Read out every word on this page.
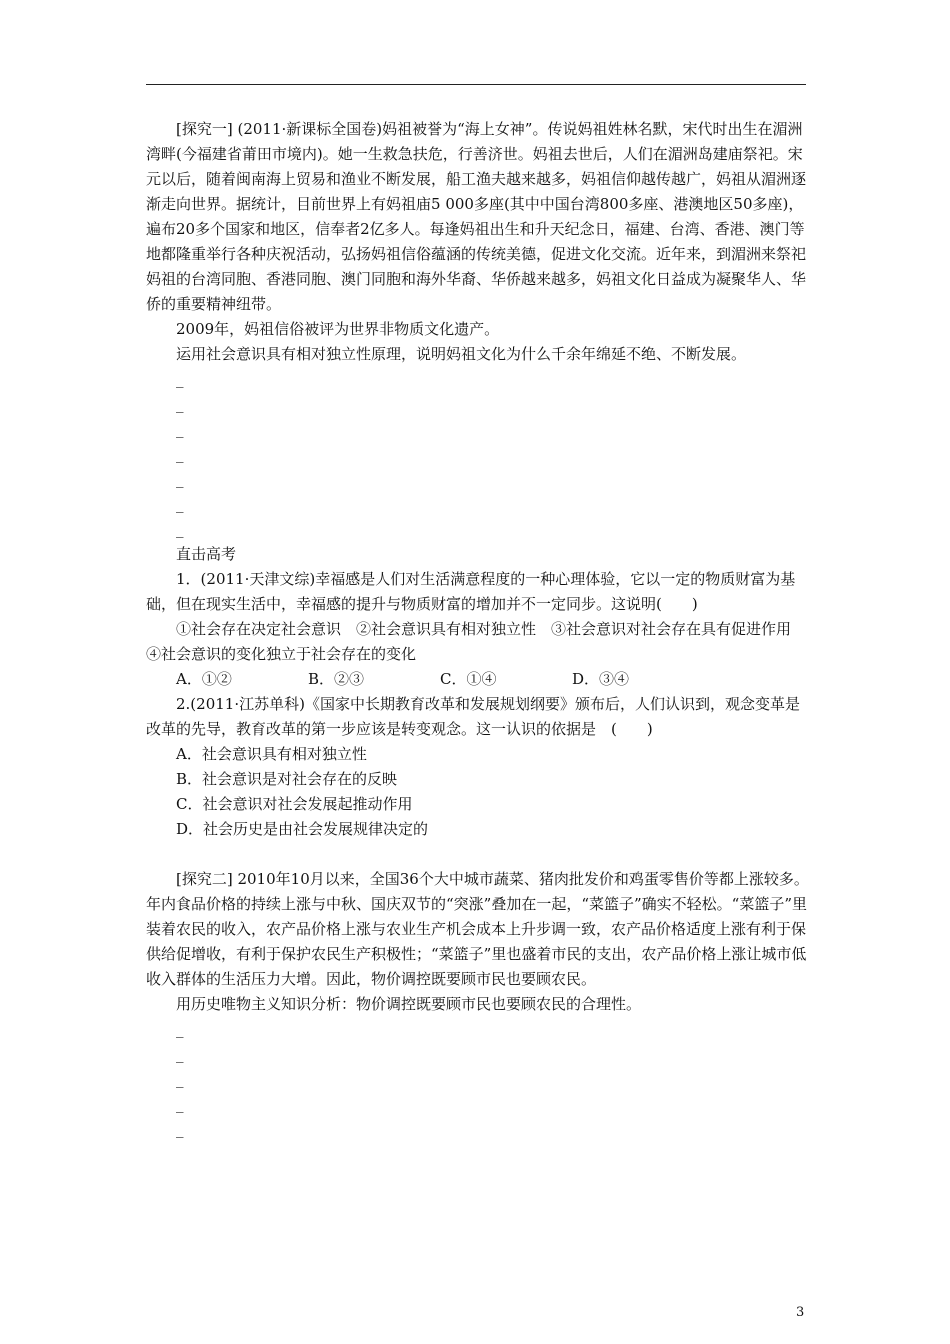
[探究一] (2011·新课标全国卷)妈祖被誉为“海上女神”。传说妈祖姓林名默，宋代时出生在湄洲湾畔(今福建省莆田市境内)。她一生救急扶危，行善济世。妈祖去世后，人们在湄洲岛建庙祭祀。宋元以后，随着闽南海上贸易和渔业不断发展，船工渔夫越来越多，妈祖信仰越传越广，妈祖从湄洲逐渐走向世界。据统计，目前世界上有妈祖庙5 000多座(其中中国台湾800多座、港澳地区50多座)，遍布20多个国家和地区，信奉者2亿多人。每逢妈祖出生和升天纪念日，福建、台湾、香港、澳门等地都隆重举行各种庆祝活动，弘扬妈祖信俗蕴涵的传统美德，促进文化交流。近年来，到湄洲来祭祀妈祖的台湾同胞、香港同胞、澳门同胞和海外华裔、华侨越来越多，妈祖文化日益成为凝聚华人、华侨的重要精神纽带。

2009年，妈祖信俗被评为世界非物质文化遗产。

运用社会意识具有相对独立性原理，说明妈祖文化为什么千余年绵延不绝、不断发展。

_
_
_
_
_
_
_

直击高考

1．(2011·天津文综)幸福感是人们对生活满意程度的一种心理体验，它以一定的物质财富为基础，但在现实生活中，幸福感的提升与物质财富的增加并不一定同步。这说明(　　)

①社会存在决定社会意识　②社会意识具有相对独立性　③社会意识对社会存在具有促进作用　④社会意识的变化独立于社会存在的变化

A．①②	B．②③	C．①④	D．③④

2.(2011·江苏单科)《国家中长期教育改革和发展规划纲要》颁布后，人们认识到，观念变革是改革的先导，教育改革的第一步应该是转变观念。这一认识的依据是　(　　)

A．社会意识具有相对独立性

B．社会意识是对社会存在的反映

C．社会意识对社会发展起推动作用

D．社会历史是由社会发展规律决定的

[探究二] 2010年10月以来，全国36个大中城市蔬菜、猪肉批发价和鸡蛋零售价等都上涨较多。年内食品价格的持续上涨与中秋、国庆双节的“突涨”叠加在一起，“菜篮子”确实不轻松。“菜篮子”里装着农民的收入，农产品价格上涨与农业生产机会成本上升步调一致，农产品价格适度上涨有利于保供给促增收，有利于保护农民生产积极性；“菜篮子”里也盛着市民的支出，农产品价格上涨让城市低收入群体的生活压力大增。因此，物价调控既要顾市民也要顾农民。

用历史唯物主义知识分析：物价调控既要顾市民也要顾农民的合理性。

_
_
_
_
_
3
